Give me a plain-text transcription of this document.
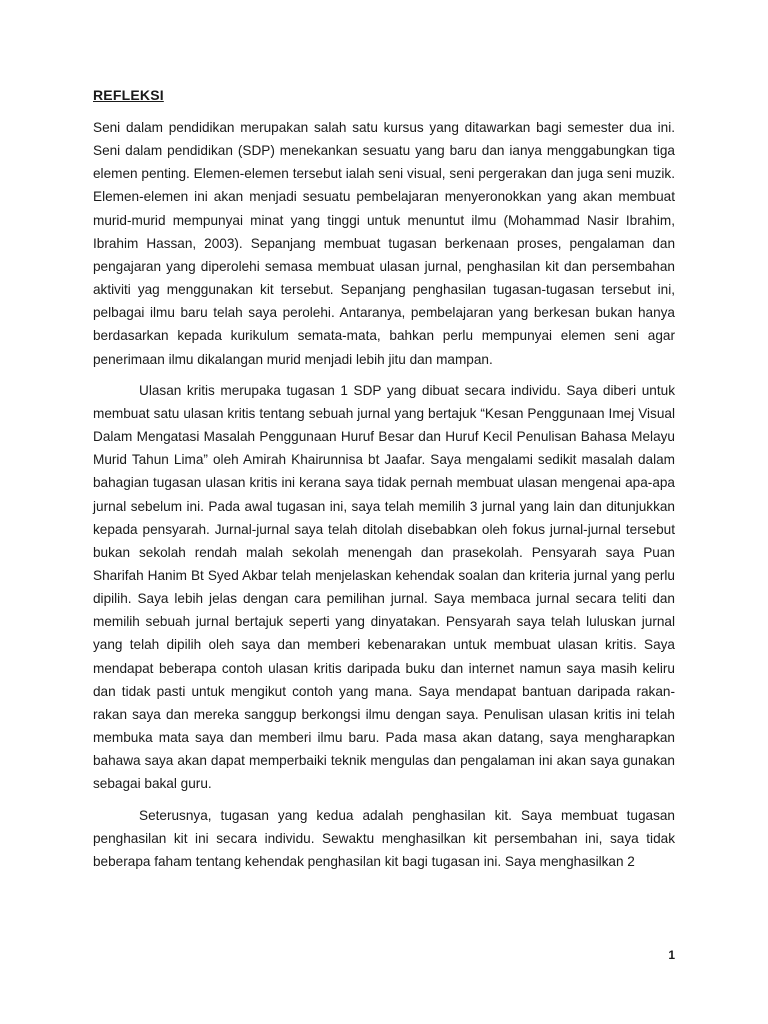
REFLEKSI

Seni dalam pendidikan merupakan salah satu kursus yang ditawarkan bagi semester dua ini. Seni dalam pendidikan (SDP) menekankan sesuatu yang baru dan ianya menggabungkan tiga elemen penting. Elemen-elemen tersebut ialah seni visual, seni pergerakan dan juga seni muzik. Elemen-elemen ini akan menjadi sesuatu pembelajaran menyeronokkan yang akan membuat murid-murid mempunyai minat yang tinggi untuk menuntut ilmu (Mohammad Nasir Ibrahim, Ibrahim Hassan, 2003). Sepanjang membuat tugasan berkenaan proses, pengalaman dan pengajaran yang diperolehi semasa membuat ulasan jurnal, penghasilan kit dan persembahan aktiviti yag menggunakan kit tersebut. Sepanjang penghasilan tugasan-tugasan tersebut ini, pelbagai ilmu baru telah saya perolehi. Antaranya, pembelajaran yang berkesan bukan hanya berdasarkan kepada kurikulum semata-mata, bahkan perlu mempunyai elemen seni agar penerimaan ilmu dikalangan murid menjadi lebih jitu dan mampan.

Ulasan kritis merupaka tugasan 1 SDP yang dibuat secara individu. Saya diberi untuk membuat satu ulasan kritis tentang sebuah jurnal yang bertajuk “Kesan Penggunaan Imej Visual Dalam Mengatasi Masalah Penggunaan Huruf Besar dan Huruf Kecil Penulisan Bahasa Melayu Murid Tahun Lima” oleh Amirah Khairunnisa bt Jaafar. Saya mengalami sedikit masalah dalam bahagian tugasan ulasan kritis ini kerana saya tidak pernah membuat ulasan mengenai apa-apa jurnal sebelum ini. Pada awal tugasan ini, saya telah memilih 3 jurnal yang lain dan ditunjukkan kepada pensyarah. Jurnal-jurnal saya telah ditolah disebabkan oleh fokus jurnal-jurnal tersebut bukan sekolah rendah malah sekolah menengah dan prasekolah. Pensyarah saya Puan Sharifah Hanim Bt Syed Akbar telah menjelaskan kehendak soalan dan kriteria jurnal yang perlu dipilih. Saya lebih jelas dengan cara pemilihan jurnal. Saya membaca jurnal secara teliti dan memilih sebuah jurnal bertajuk seperti yang dinyatakan. Pensyarah saya telah luluskan jurnal yang telah dipilih oleh saya dan memberi kebenarakan untuk membuat ulasan kritis. Saya mendapat beberapa contoh ulasan kritis daripada buku dan internet namun saya masih keliru dan tidak pasti untuk mengikut contoh yang mana. Saya mendapat bantuan daripada rakan-rakan saya dan mereka sanggup berkongsi ilmu dengan saya. Penulisan ulasan kritis ini telah membuka mata saya dan memberi ilmu baru. Pada masa akan datang, saya mengharapkan bahawa saya akan dapat memperbaiki teknik mengulas dan pengalaman ini akan saya gunakan sebagai bakal guru.

Seterusnya, tugasan yang kedua adalah penghasilan kit. Saya membuat tugasan penghasilan kit ini secara individu. Sewaktu menghasilkan kit persembahan ini, saya tidak beberapa faham tentang kehendak penghasilan kit bagi tugasan ini. Saya menghasilkan 2

1
